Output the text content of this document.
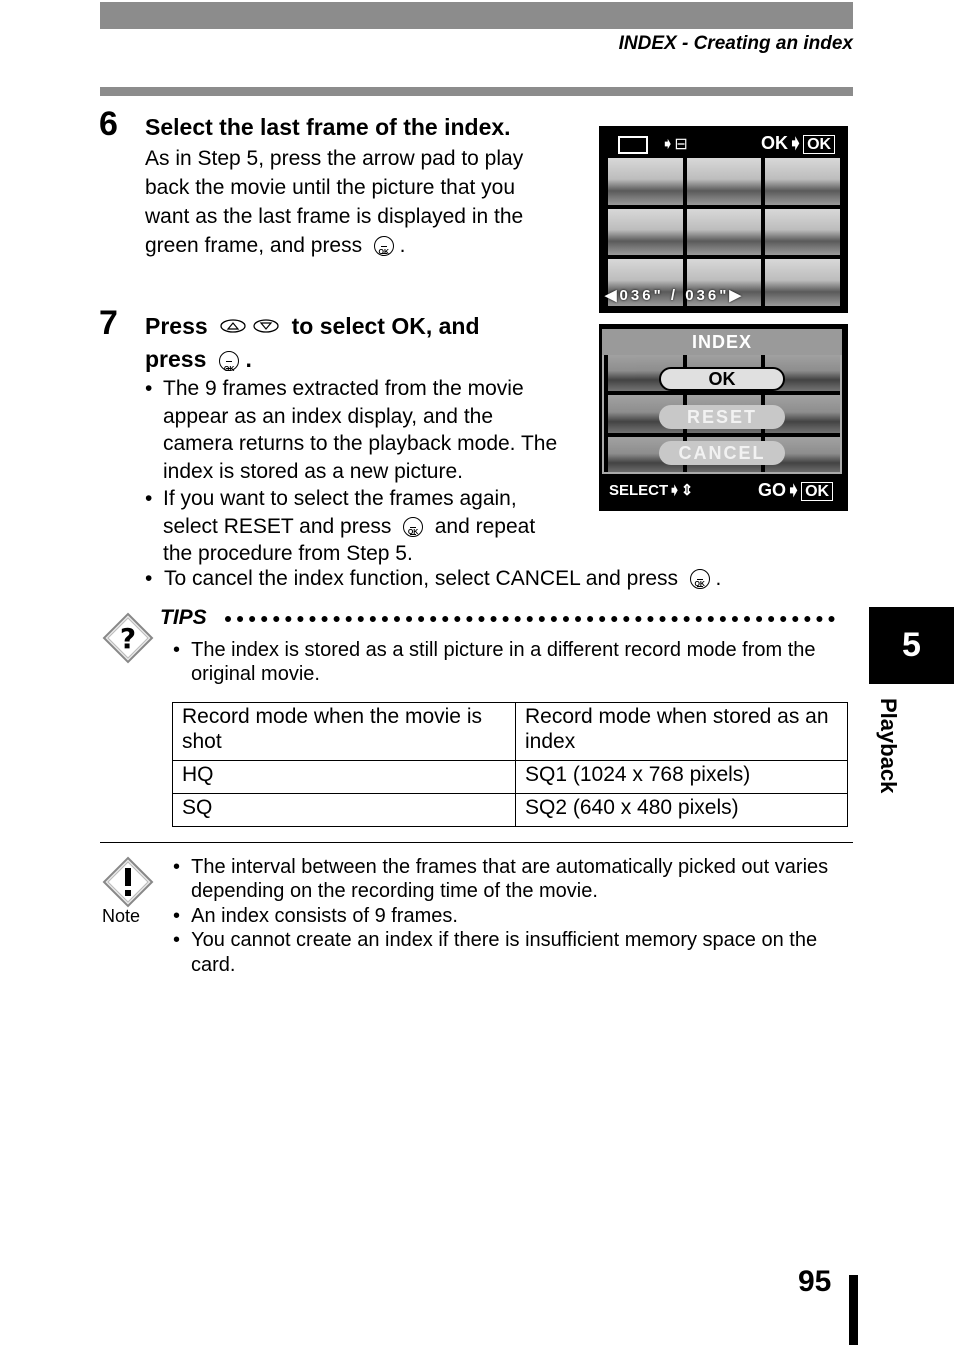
INDEX - Creating an index
6 Select the last frame of the index.
As in Step 5, press the arrow pad to play
back the movie until the picture that you
want as the last frame is displayed in the
green frame, and press OK .
➧⊟	OK➧ OK
◀036" / 036"▶
7 Press	to select OK, and
press OK .
• The 9 frames extracted from the movie
appear as an index display, and the
camera returns to the playback mode. The
index is stored as a new picture.
• If you want to select the frames again,
select RESET and press OK and repeat
the procedure from Step 5.
• To cancel the index function, select CANCEL and press OK .
INDEX
OK
RESET
CANCEL
SELECT➧⇕	GO➧ OK
?
TIPS
• The index is stored as a still picture in a different record mode from the
original movie.
Record mode when the movie is shot	Record mode when stored as an index
HQ	SQ1 (1024 x 768 pixels)
SQ	SQ2 (640 x 480 pixels)
Note
• The interval between the frames that are automatically picked out varies
depending on the recording time of the movie.
• An index consists of 9 frames.
• You cannot create an index if there is insufficient memory space on the
card.
5
Playback
95
